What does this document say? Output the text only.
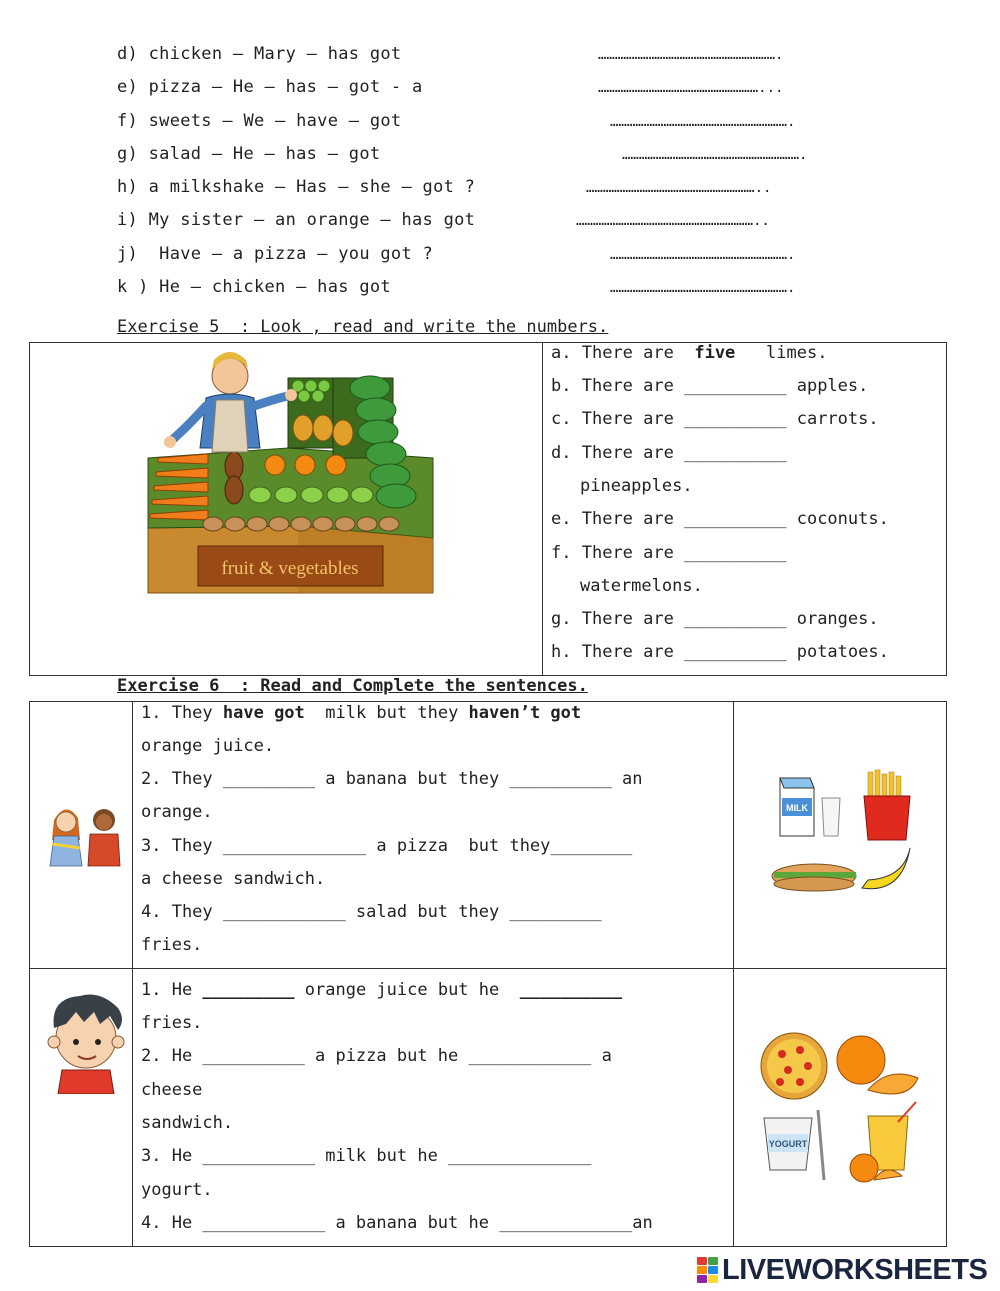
d) chicken – Mary – has got	……………………………………………………….
e) pizza – He – has – got - a	…………………………………………………...
f) sweets – We – have – got	……………………………………………………….
g) salad – He – has – got	……………………………………………………….
h) a milkshake – Has – she – got ?	……………………………………………………..
i) My sister – an orange – has got	………………………………………………………..
j)  Have – a pizza – you got ?	……………………………………………………….
k ) He – chicken – has got	……………………………………………………….
Exercise 5  : Look , read and write the numbers.
fruit & vegetables
a. There are five limes.
b. There are __________ apples.
c. There are __________ carrots.
d. There are __________
pineapples.
e. There are __________ coconuts.
f. There are __________
watermelons.
g. There are __________ oranges.
h. There are __________ potatoes.
Exercise 6  : Read and Complete the sentences.
MILK
1. They have got  milk but they haven’t got
orange juice.
2. They _________ a banana but they __________ an
orange.
3. They ______________ a pizza  but they________
a cheese sandwich.
4. They ____________ salad but they _________
fries.
YOGURT
1. He _________ orange juice but he  __________
fries.
2. He __________ a pizza but he ____________ a
cheese
sandwich.
3. He ___________ milk but he ______________
yogurt.
4. He ____________ a banana but he _____________an
LIVEWORKSHEETS
